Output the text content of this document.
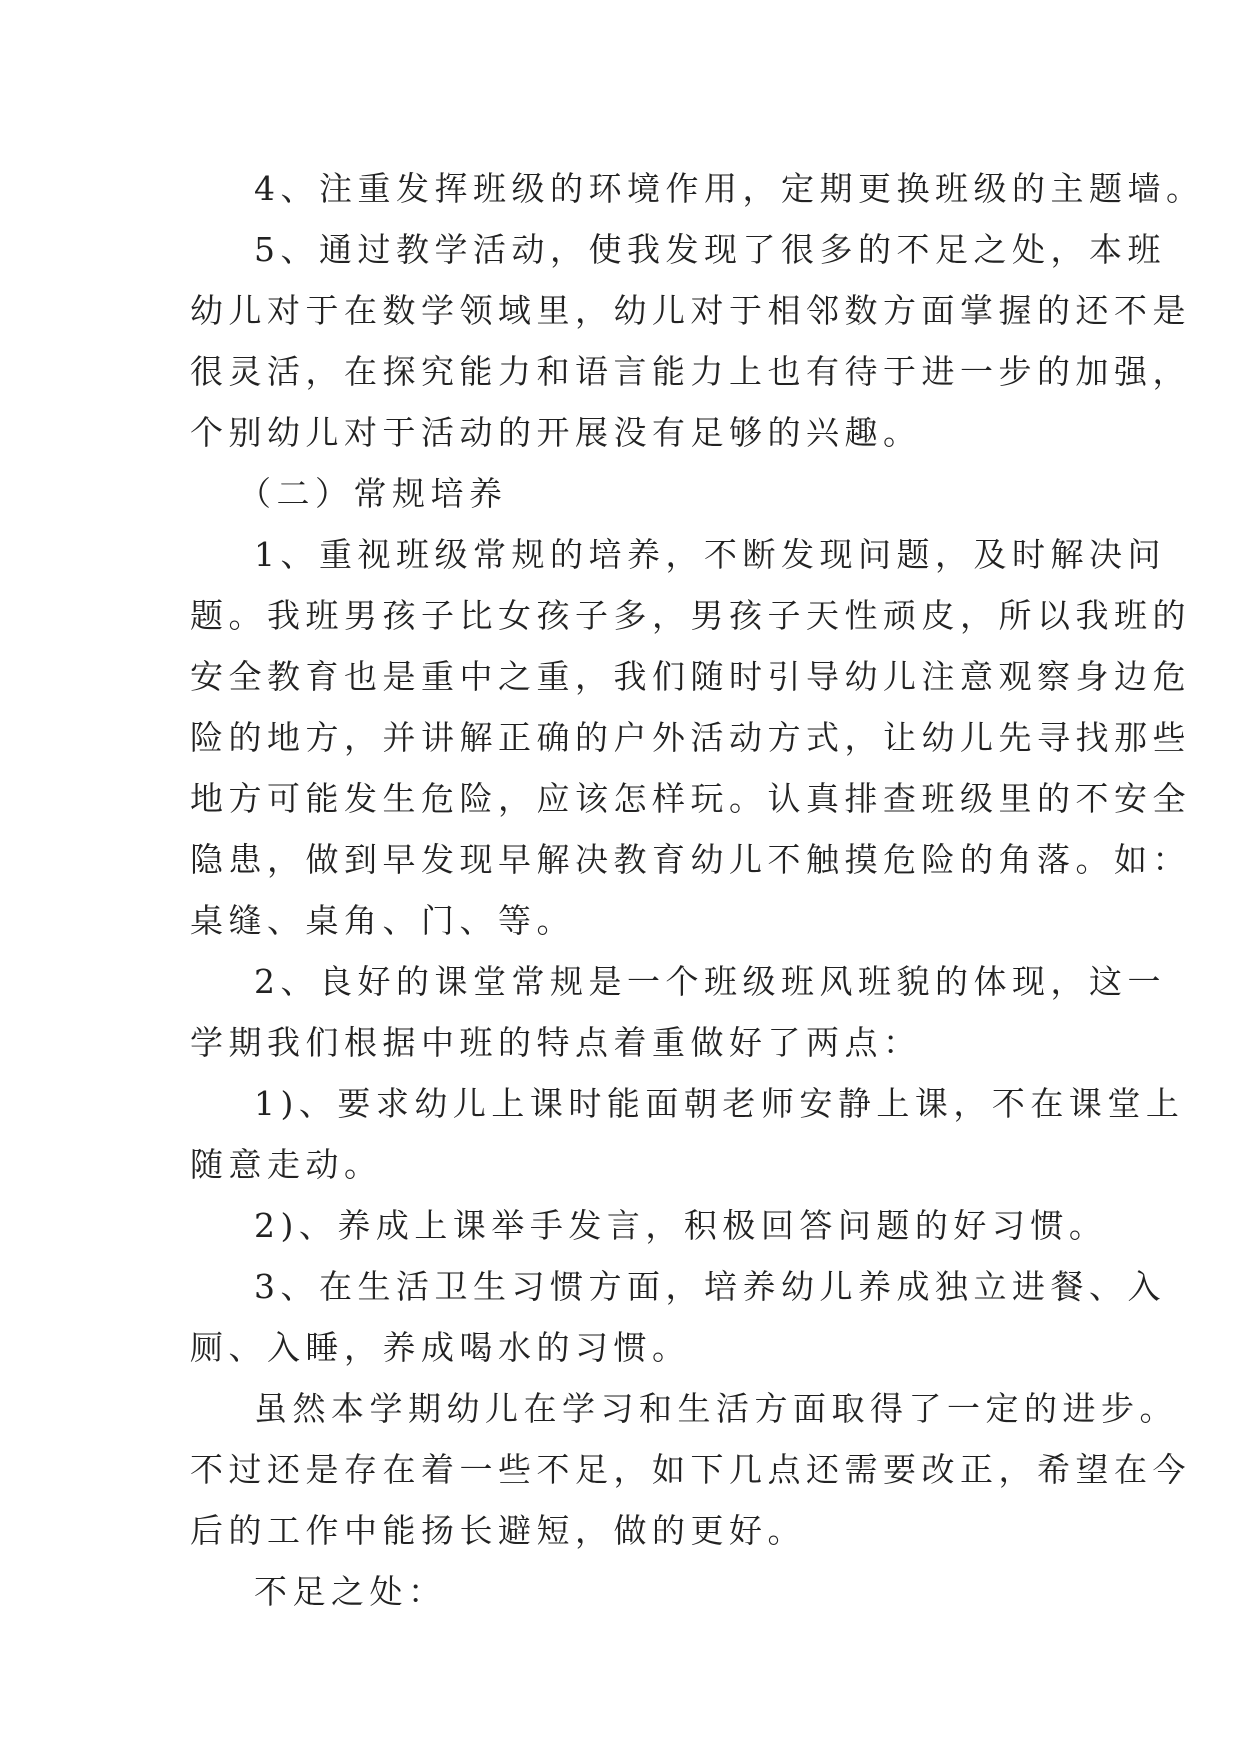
4、注重发挥班级的环境作用，定期更换班级的主题墙。
5、通过教学活动，使我发现了很多的不足之处，本班
幼儿对于在数学领域里，幼儿对于相邻数方面掌握的还不是
很灵活，在探究能力和语言能力上也有待于进一步的加强，
个别幼儿对于活动的开展没有足够的兴趣。
（二）常规培养
1、重视班级常规的培养，不断发现问题，及时解决问
题。我班男孩子比女孩子多，男孩子天性顽皮，所以我班的
安全教育也是重中之重，我们随时引导幼儿注意观察身边危
险的地方，并讲解正确的户外活动方式，让幼儿先寻找那些
地方可能发生危险，应该怎样玩。认真排查班级里的不安全
隐患，做到早发现早解决教育幼儿不触摸危险的角落。如：
桌缝、桌角、门、等。
2、良好的课堂常规是一个班级班风班貌的体现，这一
学期我们根据中班的特点着重做好了两点：
1)、要求幼儿上课时能面朝老师安静上课，不在课堂上
随意走动。
2)、养成上课举手发言，积极回答问题的好习惯。
3、在生活卫生习惯方面，培养幼儿养成独立进餐、入
厕、入睡，养成喝水的习惯。
虽然本学期幼儿在学习和生活方面取得了一定的进步。
不过还是存在着一些不足，如下几点还需要改正，希望在今
后的工作中能扬长避短，做的更好。
不足之处：
